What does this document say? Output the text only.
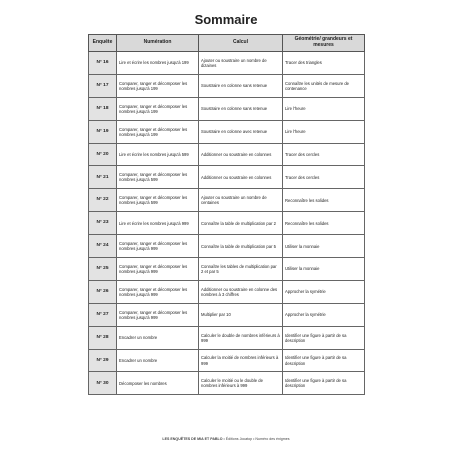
Sommaire
Enquête	Numération	Calcul	Géométrie/ grandeurs et mesures
N° 16	Lire et écrire les nombres jusqu'à 199	Ajouter ou soustraire un nombre de dizaines	Tracer des triangles
N° 17	Comparer, ranger et décomposer les nombres jusqu'à 199	Soustraire en colonne sans retenue	Connaître les unités de mesure de contenance
N° 18	Comparer, ranger et décomposer les nombres jusqu'à 199	Soustraire en colonne sans retenue	Lire l'heure
N° 19	Comparer, ranger et décomposer les nombres jusqu'à 199	Soustraire en colonne avec retenue	Lire l'heure
N° 20	Lire et écrire les nombres jusqu'à 599	Additionner ou soustraire en colonnes	Tracer des cercles
N° 21	Comparer, ranger et décomposer les nombres jusqu'à 599	Additionner ou soustraire en colonnes	Tracer des cercles
N° 22	Comparer, ranger et décomposer les nombres jusqu'à 599	Ajouter ou soustraire un nombre de centaines	Reconnaître les solides
N° 23	Lire et écrire les nombres jusqu'à 999	Connaître la table de multiplication par 2	Reconnaître les solides
N° 24	Comparer, ranger et décomposer les nombres jusqu'à 999	Connaître la table de multiplication par 5	Utiliser la monnaie
N° 25	Comparer, ranger et décomposer les nombres jusqu'à 999	Connaître les tables de multiplication par 2 et par 5	Utiliser la monnaie
N° 26	Comparer, ranger et décomposer les nombres jusqu'à 999	Additionner ou soustraire en colonne des nombres à 3 chiffres	Approcher la symétrie
N° 27	Comparer, ranger et décomposer les nombres jusqu'à 999	Multiplier par 10	Approcher la symétrie
N° 28	Encadrer un nombre	Calculer le double de nombres inférieurs à 999	Identifier une figure à partir de sa description
N° 29	Encadrer un nombre	Calculer la moitié de nombres inférieurs à 999	Identifier une figure à partir de sa description
N° 30	Décomposer les nombres	Calculer le moitié ou le double de nombres inférieurs à 999	Identifier une figure à partir de sa description
LES ENQUÊTES DE MIA ET PABLO • Éditions Jocatop • Numéro des énigmes
